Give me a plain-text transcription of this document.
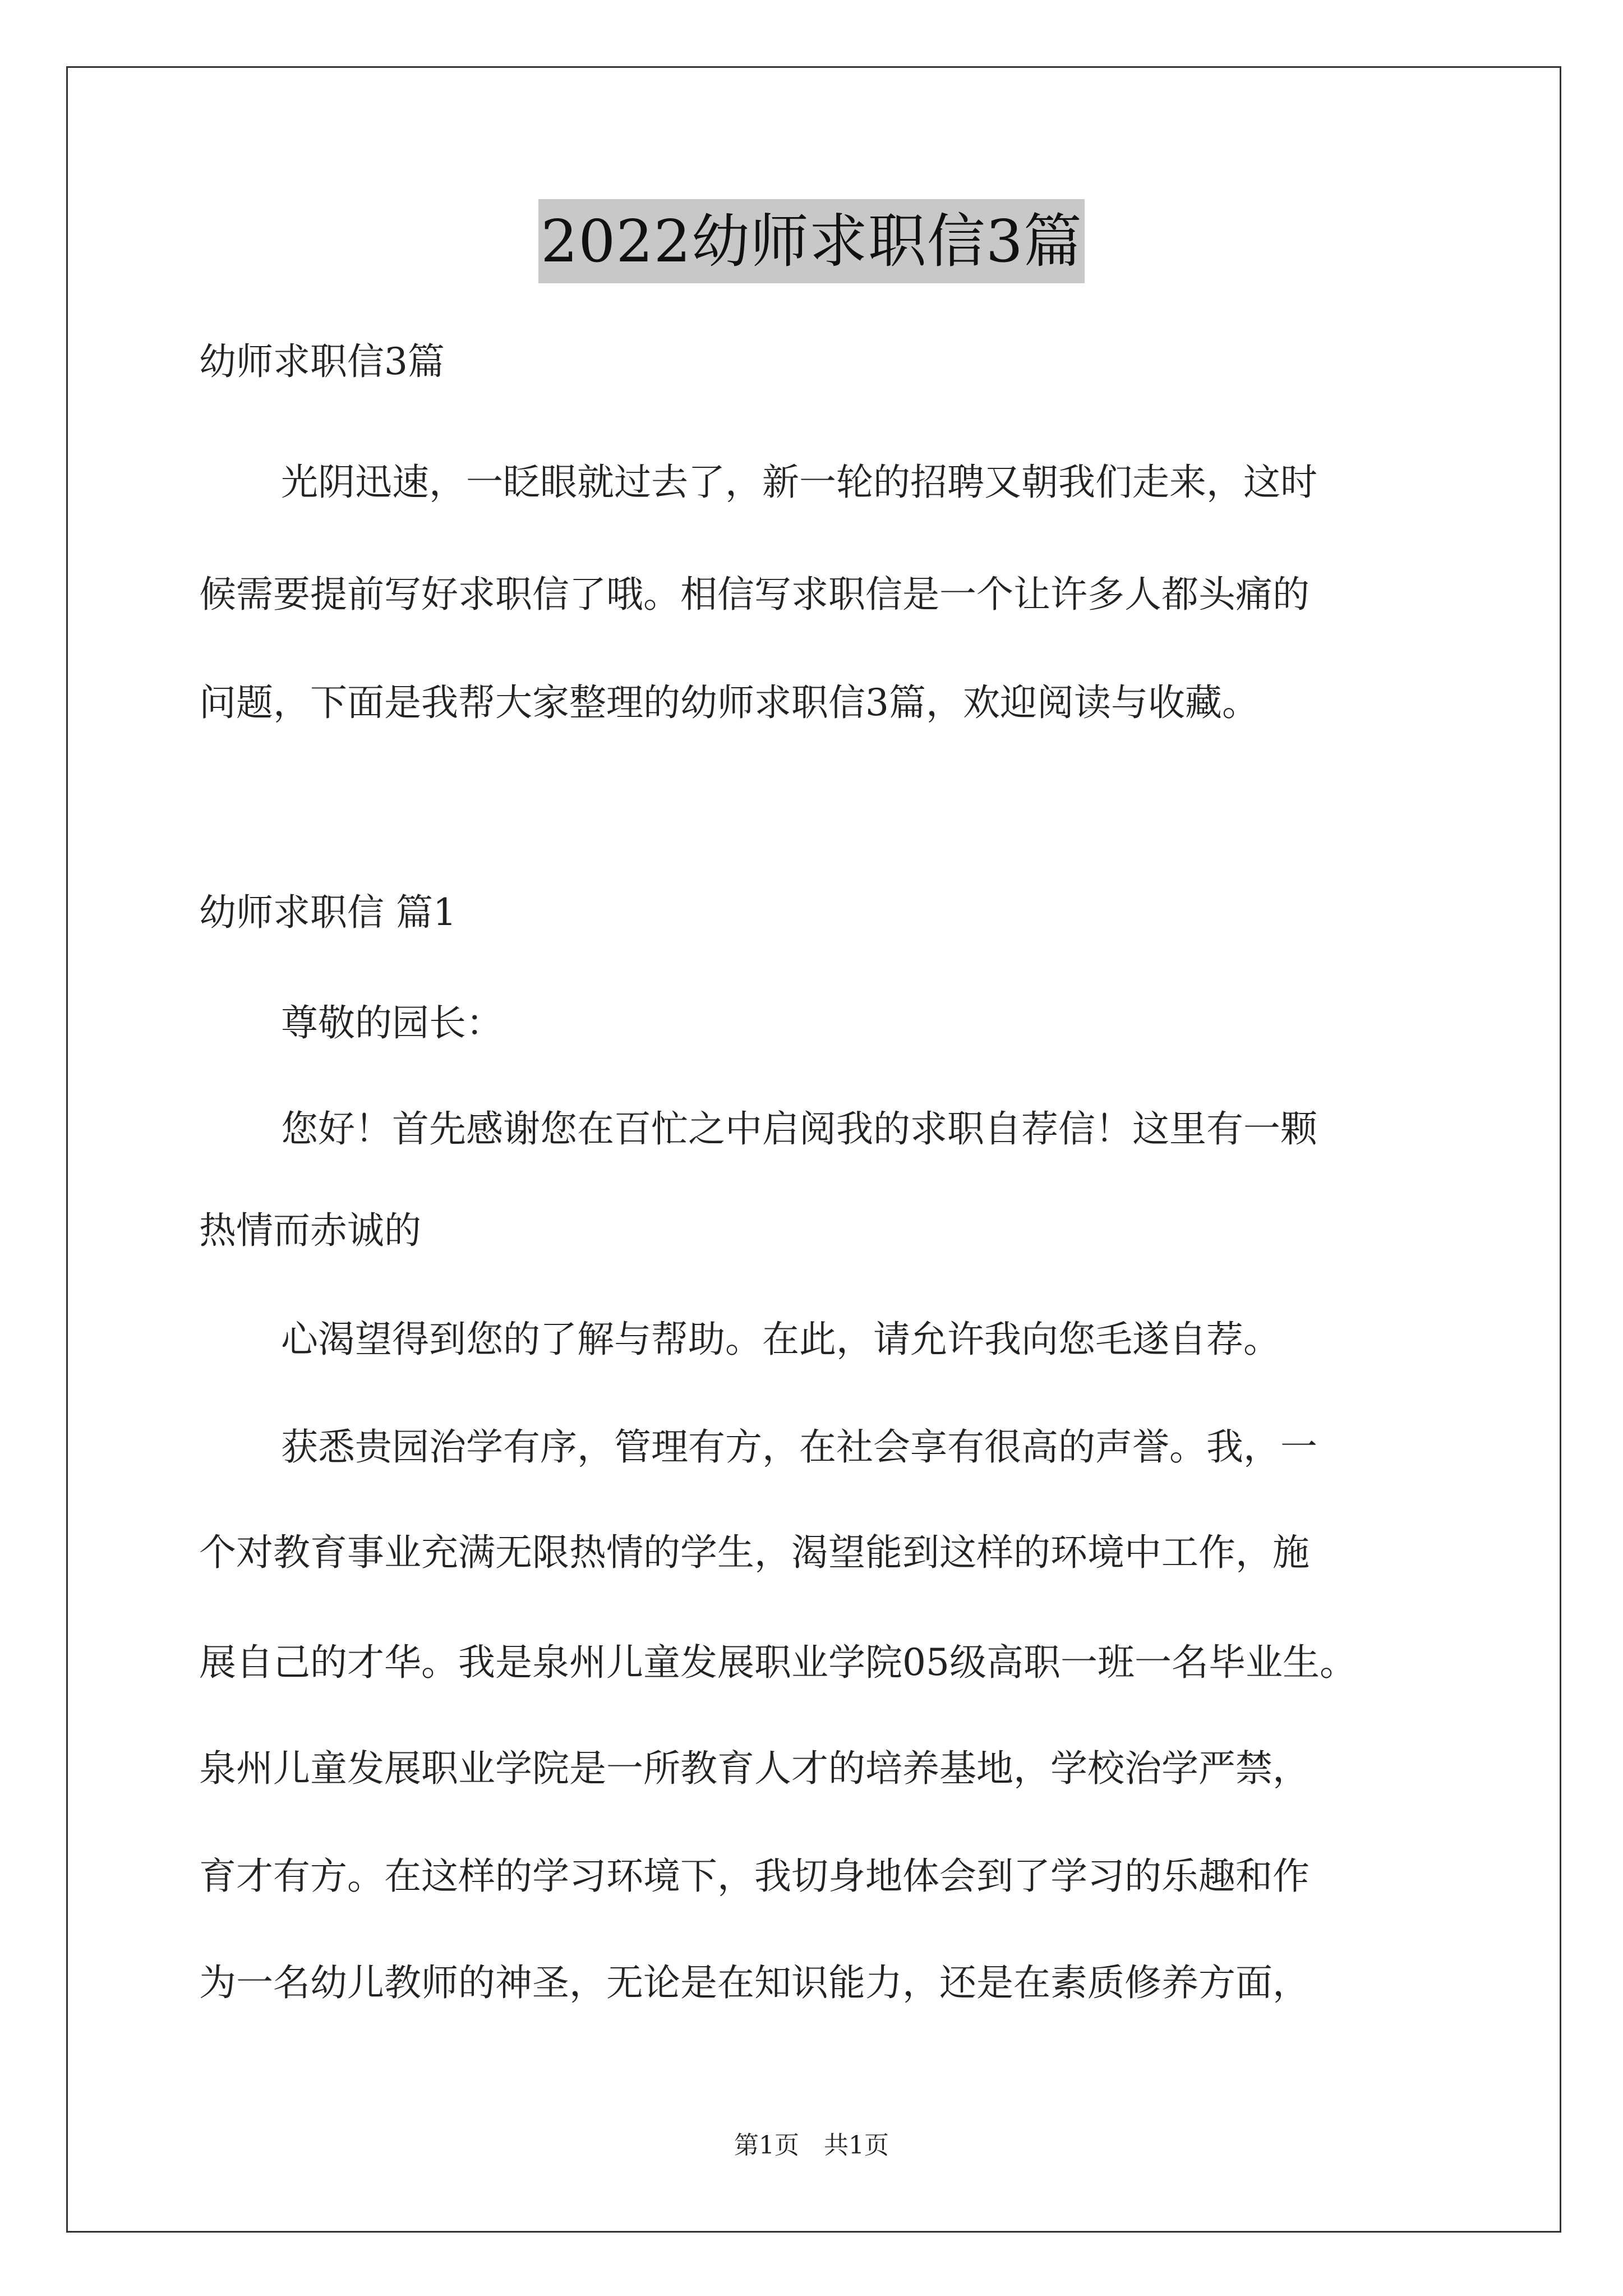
2022幼师求职信3篇

幼师求职信3篇

光阴迅速，一眨眼就过去了，新一轮的招聘又朝我们走来，这时

候需要提前写好求职信了哦。相信写求职信是一个让许多人都头痛的

问题，下面是我帮大家整理的幼师求职信3篇，欢迎阅读与收藏。

幼师求职信 篇1

尊敬的园长：

您好！首先感谢您在百忙之中启阅我的求职自荐信！这里有一颗

热情而赤诚的

心渴望得到您的了解与帮助。在此，请允许我向您毛遂自荐。

获悉贵园治学有序，管理有方，在社会享有很高的声誉。我，一

个对教育事业充满无限热情的学生，渴望能到这样的环境中工作，施

展自己的才华。我是泉州儿童发展职业学院05级高职一班一名毕业生。

泉州儿童发展职业学院是一所教育人才的培养基地，学校治学严禁，

育才有方。在这样的学习环境下，我切身地体会到了学习的乐趣和作

为一名幼儿教师的神圣，无论是在知识能力，还是在素质修养方面，

第1页　共1页
